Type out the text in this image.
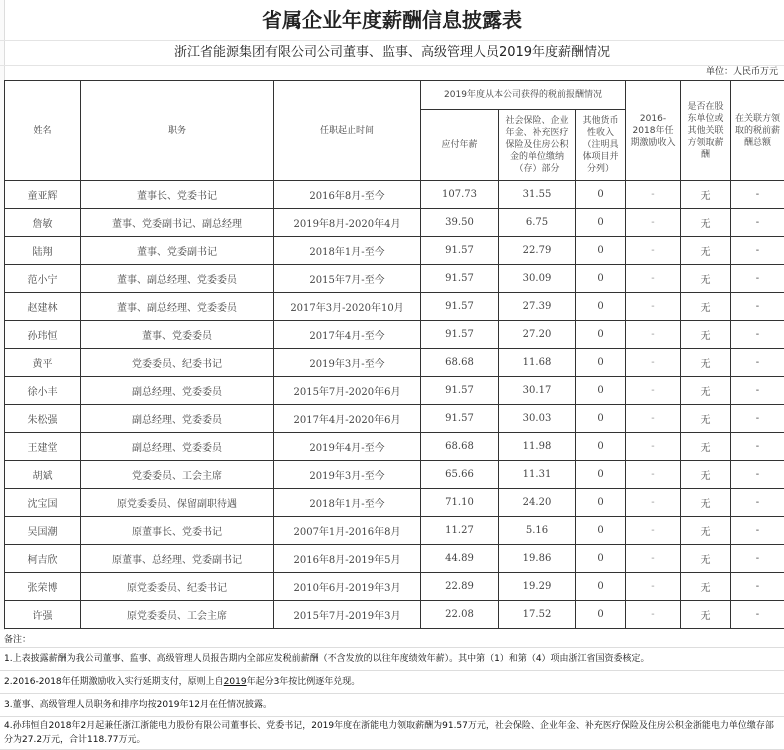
省属企业年度薪酬信息披露表
浙江省能源集团有限公司公司董事、监事、高级管理人员2019年度薪酬情况
单位：人民币万元
姓名	职务	任职起止时间	2019年度从本公司获得的税前报酬情况			2016-2018年任期激励收入	是否在股东单位或其他关联方领取薪酬	在关联方领取的税前薪酬总额
			应付年薪	社会保险、企业年金、补充医疗保险及住房公积金的单位缴纳（存）部分	其他货币性收入（注明具体项目并分列）			
童亚辉	董事长、党委书记	2016年8月-至今	107.73	31.55	0	-	无	-
詹敏	董事、党委副书记、副总经理	2019年8月-2020年4月	39.50	6.75	0	-	无	-
陆翔	董事、党委副书记	2018年1月-至今	91.57	22.79	0	-	无	-
范小宁	董事、副总经理、党委委员	2015年7月-至今	91.57	30.09	0	-	无	-
赵建林	董事、副总经理、党委委员	2017年3月-2020年10月	91.57	27.39	0	-	无	-
孙玮恒	董事、党委委员	2017年4月-至今	91.57	27.20	0	-	无	-
黄平	党委委员、纪委书记	2019年3月-至今	68.68	11.68	0	-	无	-
徐小丰	副总经理、党委委员	2015年7月-2020年6月	91.57	30.17	0	-	无	-
朱松强	副总经理、党委委员	2017年4月-2020年6月	91.57	30.03	0	-	无	-
王建堂	副总经理、党委委员	2019年4月-至今	68.68	11.98	0	-	无	-
胡斌	党委委员、工会主席	2019年3月-至今	65.66	11.31	0	-	无	-
沈宝国	原党委委员、保留副职待遇	2018年1月-至今	71.10	24.20	0	-	无	-
吴国潮	原董事长、党委书记	2007年1月-2016年8月	11.27	5.16	0	-	无	-
柯吉欣	原董事、总经理、党委副书记	2016年8月-2019年5月	44.89	19.86	0	-	无	-
张荣博	原党委委员、纪委书记	2010年6月-2019年3月	22.89	19.29	0	-	无	-
许强	原党委委员、工会主席	2015年7月-2019年3月	22.08	17.52	0	-	无	-
备注：
1.上表披露薪酬为我公司董事、监事、高级管理人员报告期内全部应发税前薪酬（不含发放的以往年度绩效年薪）。其中第（1）和第（4）项由浙江省国资委核定。
2.2016-2018年任期激励收入实行延期支付，原则上自2019年起分3年按比例逐年兑现。
3.董事、高级管理人员职务和排序均按2019年12月在任情况披露。
4.孙玮恒自2018年2月起兼任浙江浙能电力股份有限公司董事长、党委书记，2019年度在浙能电力领取薪酬为91.57万元，社会保险、企业年金、补充医疗保险及住房公积金浙能电力单位缴存部分为27.2万元，合计118.77万元。
